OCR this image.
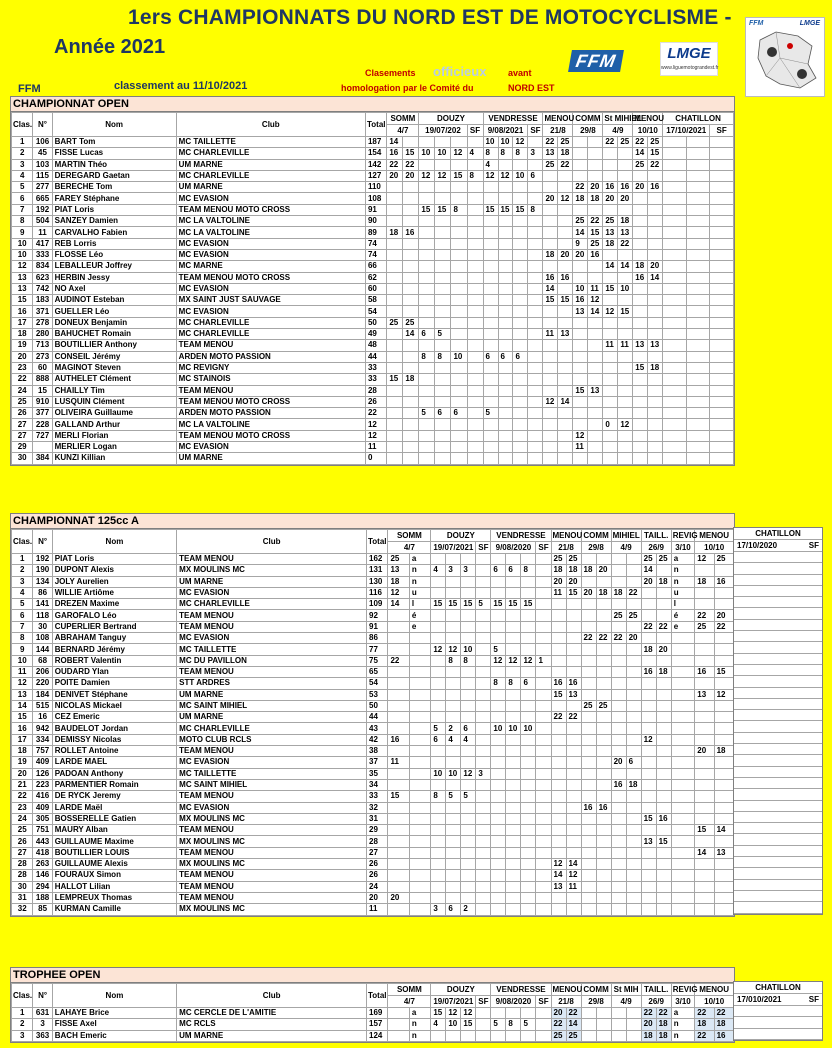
1ers CHAMPIONNATS DU NORD EST DE MOTOCYCLISME -
Année 2021
FFM	classement au 11/10/2021
Clasements officieux avant
homologation par le Comité du	NORD EST
FFM	LMGE
www.liguemotograndest.fr
FFM	LMGE
CHAMPIONNAT OPEN
Clas.	N°	Nom	Club	Total	SOMM		DOUZY				VENDRESSE				MENOU		COMM		St MIHIEL		MENOU		CHATILLON		
					4/7		19/07/202			SF	9/08/2021			SF	21/8		29/8		4/9		10/10		17/10/2021		SF
1	106	BART Tom	MC TAILLETTE	187	14						10	10	12		22	25			22	25	22	25			
2	45	FISSE Lucas	MC CHARLEVILLE	154	16	15	10	10	12	4	8	8	8	3	13	18					14	15			
3	103	MARTIN Théo	UM MARNE	142	22	22					4				25	22					25	22			
4	115	DEREGARD Gaetan	MC CHARLEVILLE	127	20	20	12	12	15	8	12	12	10	6											
5	277	BERECHE Tom	UM MARNE	110													22	20	16	16	20	16			
6	665	FAREY Stéphane	MC EVASION	108											20	12	18	18	20	20					
7	192	PIAT Loris	TEAM MENOU MOTO CROSS	91			15	15	8		15	15	15	8											
8	504	SANZEY Damien	MC LA VALTOLINE	90													25	22	25	18					
9	11	CARVALHO Fabien	MC LA VALTOLINE	89	18	16											14	15	13	13					
10	417	REB Lorris	MC EVASION	74													9	25	18	22					
10	333	FLOSSE Léo	MC EVASION	74											18	20	20	16							
12	834	LEBALLEUR Joffrey	MC MARNE	66															14	14	18	20			
13	623	HERBIN Jessy	TEAM MENOU MOTO CROSS	62											16	16					16	14			
13	742	NO Axel	MC EVASION	60											14		10	11	15	10					
15	183	AUDINOT Esteban	MX SAINT JUST SAUVAGE	58											15	15	16	12							
16	371	GUELLER Léo	MC EVASION	54													13	14	12	15					
17	278	DONEUX Benjamin	MC CHARLEVILLE	50	25	25																			
18	280	BAHUCHET Romain	MC CHARLEVILLE	49		14	6	5							11	13									
19	713	BOUTILLIER Anthony	TEAM MENOU	48															11	11	13	13			
20	273	CONSEIL Jérémy	ARDEN MOTO PASSION	44			8	8	10		6	6	6												
23	60	MAGINOT Steven	MC REVIGNY	33																	15	18			
22	888	AUTHELET Clément	MC STAINOIS	33	15	18																			
24	15	CHAILLY Tim	TEAM MENOU	28													15	13							
25	910	LUSQUIN Clément	TEAM MENOU MOTO CROSS	26											12	14									
26	377	OLIVEIRA Guillaume	ARDEN MOTO PASSION	22			5	6	6		5														
27	228	GALLAND Arthur	MC LA VALTOLINE	12															0	12					
27	727	MERLI Florian	TEAM MENOU MOTO CROSS	12													12								
29		MERLIER Logan	MC EVASION	11													11								
30	384	KUNZI Killian	UM MARNE	0																					
CHAMPIONNAT 125cc A
Clas.	N°	Nom	Club	Total	SOMM		DOUZY				VENDRESSE				MENOU		COMM		MIHIEL		TAILL.		REVIG	MENOU	
					4/7		19/07/2021			SF	9/08/2020			SF	21/8		29/8		4/9		26/9		3/10	10/10	
1	192	PIAT Loris	TEAM MENOU	162	25	a									25	25					25	25	a	12	25
2	190	DUPONT Alexis	MX MOULINS MC	131	13	n	4	3	3		6	6	8		18	18	18	20			14		n		
3	134	JOLY Aurelien	UM MARNE	130	18	n									20	20					20	18	n	18	16
4	86	WILLIE Artiôme	MC EVASION	116	12	u									11	15	20	18	18	22			u		
5	141	DREZEN Maxime	MC CHARLEVILLE	109	14	l	15	15	15	5	15	15	15										l		
6	118	GAROFALO Léo	TEAM MENOU	92		é													25	25			é	22	20
7	30	CUPERLIER Bertrand	TEAM MENOU	91		e															22	22	e	25	22
8	108	ABRAHAM Tanguy	MC EVASION	86													22	22	22	20					
9	144	BERNARD Jérémy	MC TAILLETTE	77			12	12	10		5										18	20			
10	68	ROBERT Valentin	MC DU PAVILLON	75	22			8	8		12	12	12	1											
11	206	OUDARD Ylan	TEAM MENOU	65																	16	18		16	15
12	220	POITE Damien	STT ARDRES	54							8	8	6		16	16									
13	184	DENIVET Stéphane	UM MARNE	53											15	13								13	12
14	515	NICOLAS Mickael	MC SAINT MIHIEL	50													25	25							
15	16	CEZ Emeric	UM MARNE	44											22	22									
16	942	BAUDELOT Jordan	MC CHARLEVILLE	43			5	2	6		10	10	10												
17	334	DEMISSY Nicolas	MOTO CLUB RCLS	42	16		6	4	4												12				
18	757	ROLLET Antoine	TEAM MENOU	38																				20	18
19	409	LARDE MAEL	MC EVASION	37	11														20	6					
20	126	PADOAN Anthony	MC TAILLETTE	35			10	10	12	3															
21	223	PARMENTIER Romain	MC SAINT MIHIEL	34															16	18					
22	416	DE RYCK Jeremy	TEAM MENOU	33	15		8	5	5																
23	409	LARDE Maël	MC EVASION	32													16	16							
24	305	BOSSERELLE Gatien	MX MOULINS MC	31																	15	16			
25	751	MAURY Alban	TEAM MENOU	29																				15	14
26	443	GUILLAUME Maxime	MX MOULINS MC	28																	13	15			
27	418	BOUTILLIER LOUIS	TEAM MENOU	27																				14	13
28	263	GUILLAUME Alexis	MX MOULINS MC	26											12	14									
28	146	FOURAUX Simon	TEAM MENOU	26											14	12									
30	294	HALLOT Lilian	TEAM MENOU	24											13	11									
31	188	LEMPREUX Thomas	TEAM MENOU	20	20																				
32	85	KURMAN Camille	MX MOULINS MC	11			3	6	2																
TROPHEE OPEN
Clas.	N°	Nom	Club	Total	SOMM		DOUZY				VENDRESSE				MENOU		COMM		St MIH		TAILL.		REVIG	MENOU	
					4/7		19/07/2021			SF	9/08/2020			SF	21/8		29/8		4/9		26/9		3/10	10/10	
1	631	LAHAYE Brice	MC CERCLE DE L'AMITIE	169		a	15	12	12						20	22					22	22	a	22	22
2	3	FISSE Axel	MC RCLS	157		n	4	10	15		5	8	5		22	14					20	18	n	18	18
3	363	BACH Emeric	UM MARNE	124		n									25	25					18	18	n	22	16
CHATILLON
17/10/2020	SF
CHATILLON
17/010/2021	SF
